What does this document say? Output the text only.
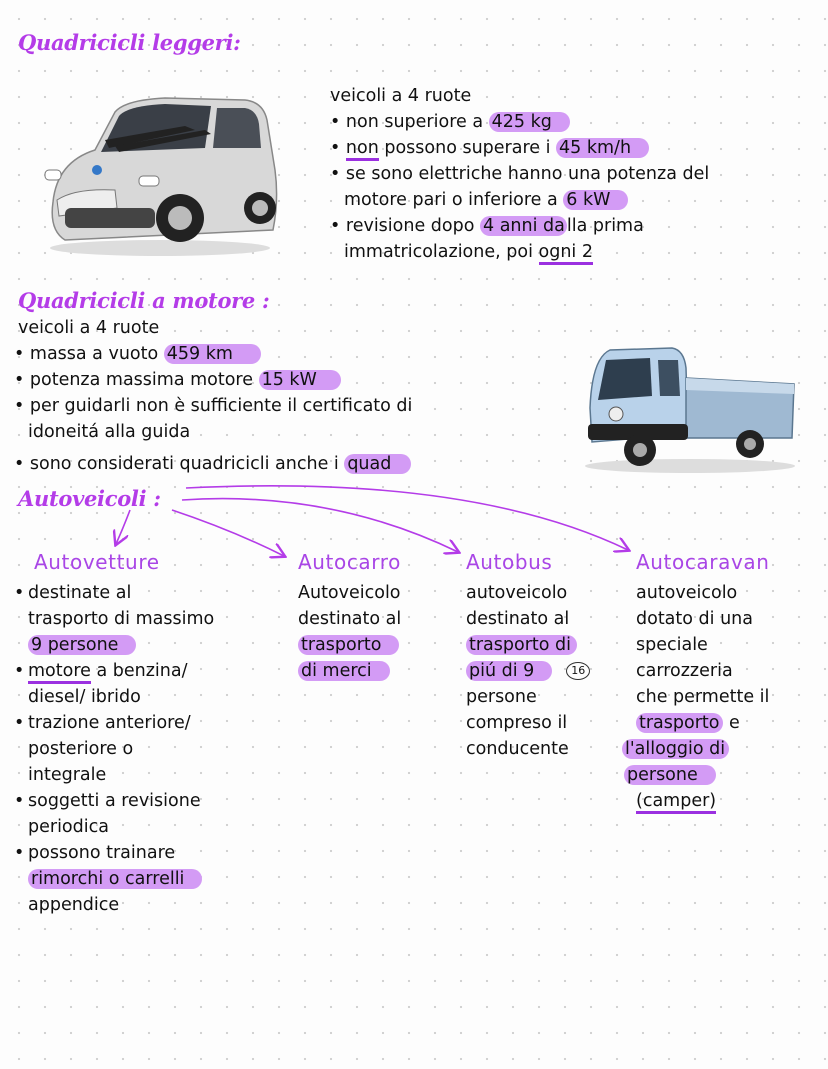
Quadricicli leggeri:
veicoli a 4 ruote
• non superiore a 425 kg
• non possono superare i 45 km/h
• se sono elettriche hanno una potenza del
motore pari o inferiore a 6 kW
• revisione dopo 4 anni da lla prima
immatricolazione, poi ogni 2
Quadricicli a motore :
veicoli a 4 ruote
• massa a vuoto 459 km
• potenza massima motore 15 kW
• per guidarli non è sufficiente il certificato di
idoneitá alla guida
• sono considerati quadricicli anche i quad
Autoveicoli :
Autovetture
• destinate al
trasporto di massimo
9 persone
• motore a benzina/
diesel/ ibrido
• trazione anteriore/
posteriore o
integrale
• soggetti a revisione
periodica
• possono trainare
rimorchi o carrelli
appendice
Autocarro
Autoveicolo
destinato al
trasporto
di merci
Autobus
autoveicolo
destinato al
trasporto di
piú di 9	16
persone
compreso il
conducente
Autocaravan
autoveicolo
dotato di una
speciale
carrozzeria
che permette il
trasporto e
l'alloggio di
persone
(camper)
